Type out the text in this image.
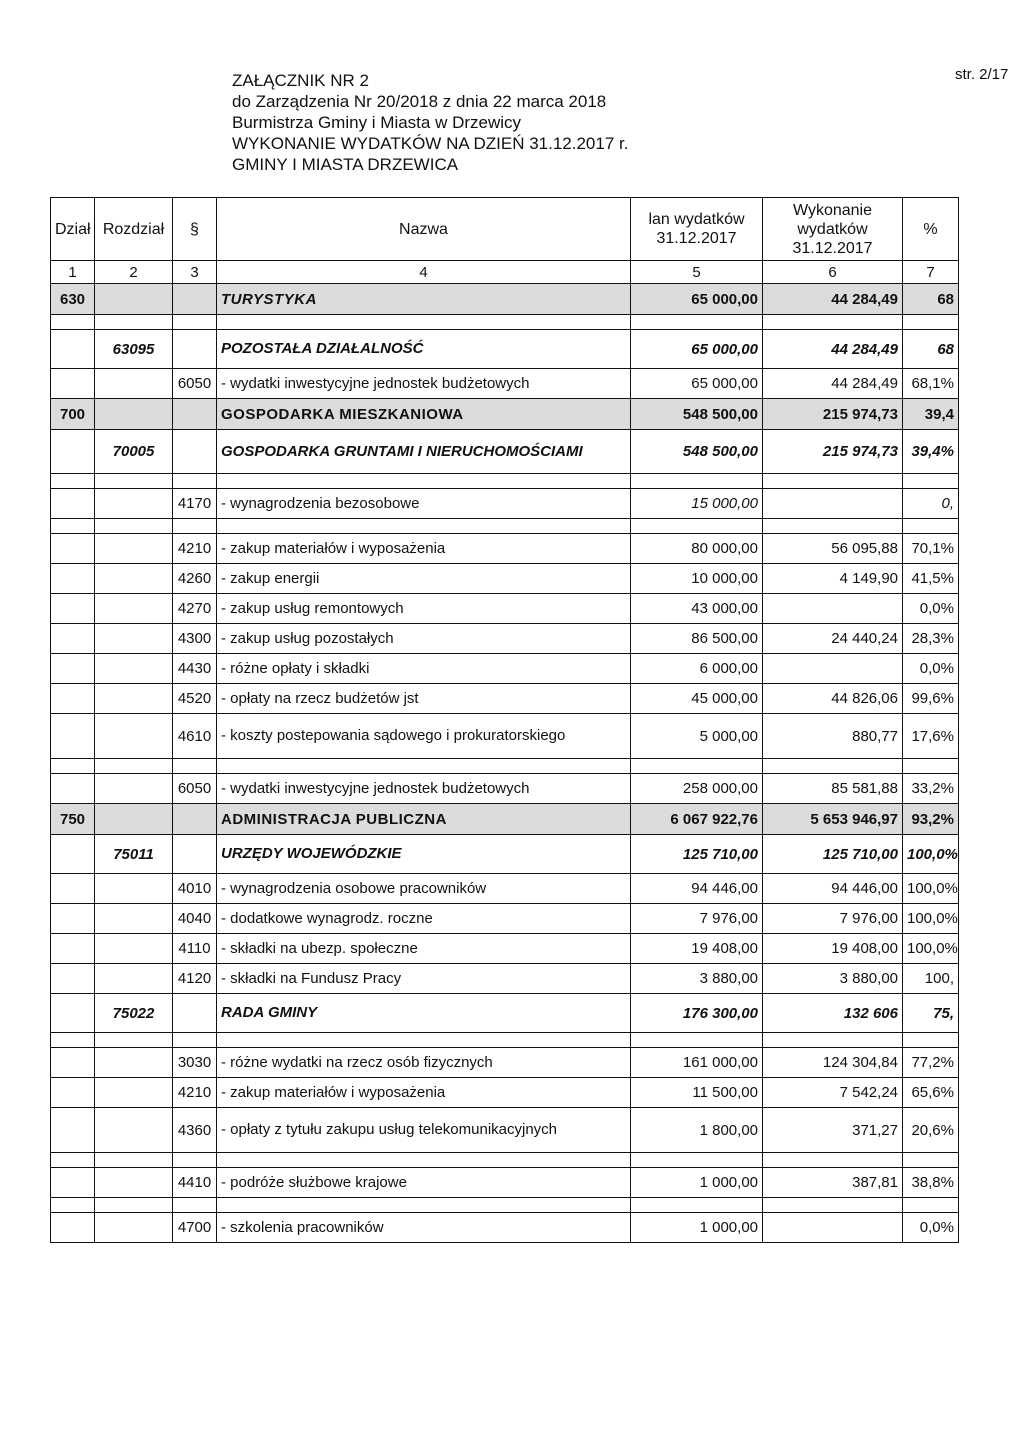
ZAŁĄCZNIK NR 2
do Zarządzenia Nr 20/2018 z dnia 22 marca 2018
Burmistrza Gminy i Miasta w Drzewicy
WYKONANIE WYDATKÓW NA DZIEŃ 31.12.2017 r.
GMINY I MIASTA DRZEWICA
str. 2/17
Dział	Rozdział	§	Nazwa	lan wydatków 31.12.2017	Wykonanie wydatków 31.12.2017	%
1	2	3	4	5	6	7
630			TURYSTYKA	65 000,00	44 284,49	68

	63095		POZOSTAŁA DZIAŁALNOŚĆ	65 000,00	44 284,49	68
		6050	- wydatki inwestycyjne jednostek budżetowych	65 000,00	44 284,49	68,1%
700			GOSPODARKA MIESZKANIOWA	548 500,00	215 974,73	39,4
	70005		GOSPODARKA GRUNTAMI I NIERUCHOMOŚCIAMI	548 500,00	215 974,73	39,4%

		4170	- wynagrodzenia bezosobowe	15 000,00		0,

		4210	- zakup materiałów i wyposażenia	80 000,00	56 095,88	70,1%
		4260	- zakup energii	10 000,00	4 149,90	41,5%
		4270	- zakup usług remontowych	43 000,00		0,0%
		4300	- zakup usług pozostałych	86 500,00	24 440,24	28,3%
		4430	- różne opłaty i składki	6 000,00		0,0%
		4520	- opłaty na rzecz budżetów jst	45 000,00	44 826,06	99,6%
		4610	- koszty postepowania sądowego i prokuratorskiego	5 000,00	880,77	17,6%

		6050	- wydatki inwestycyjne jednostek budżetowych	258 000,00	85 581,88	33,2%
750			ADMINISTRACJA PUBLICZNA	6 067 922,76	5 653 946,97	93,2%
	75011		URZĘDY WOJEWÓDZKIE	125 710,00	125 710,00	100,0%
		4010	- wynagrodzenia osobowe pracowników	94 446,00	94 446,00	100,0%
		4040	- dodatkowe wynagrodz. roczne	7 976,00	7 976,00	100,0%
		4110	- składki na ubezp. społeczne	19 408,00	19 408,00	100,0%
		4120	- składki na Fundusz Pracy	3 880,00	3 880,00	100,
	75022		RADA GMINY	176 300,00	132 606	75,

		3030	- różne wydatki na rzecz osób fizycznych	161 000,00	124 304,84	77,2%
		4210	- zakup materiałów i wyposażenia	11 500,00	7 542,24	65,6%
		4360	- opłaty z tytułu zakupu usług telekomunikacyjnych	1 800,00	371,27	20,6%

		4410	- podróże służbowe krajowe	1 000,00	387,81	38,8%

		4700	- szkolenia pracowników	1 000,00		0,0%
